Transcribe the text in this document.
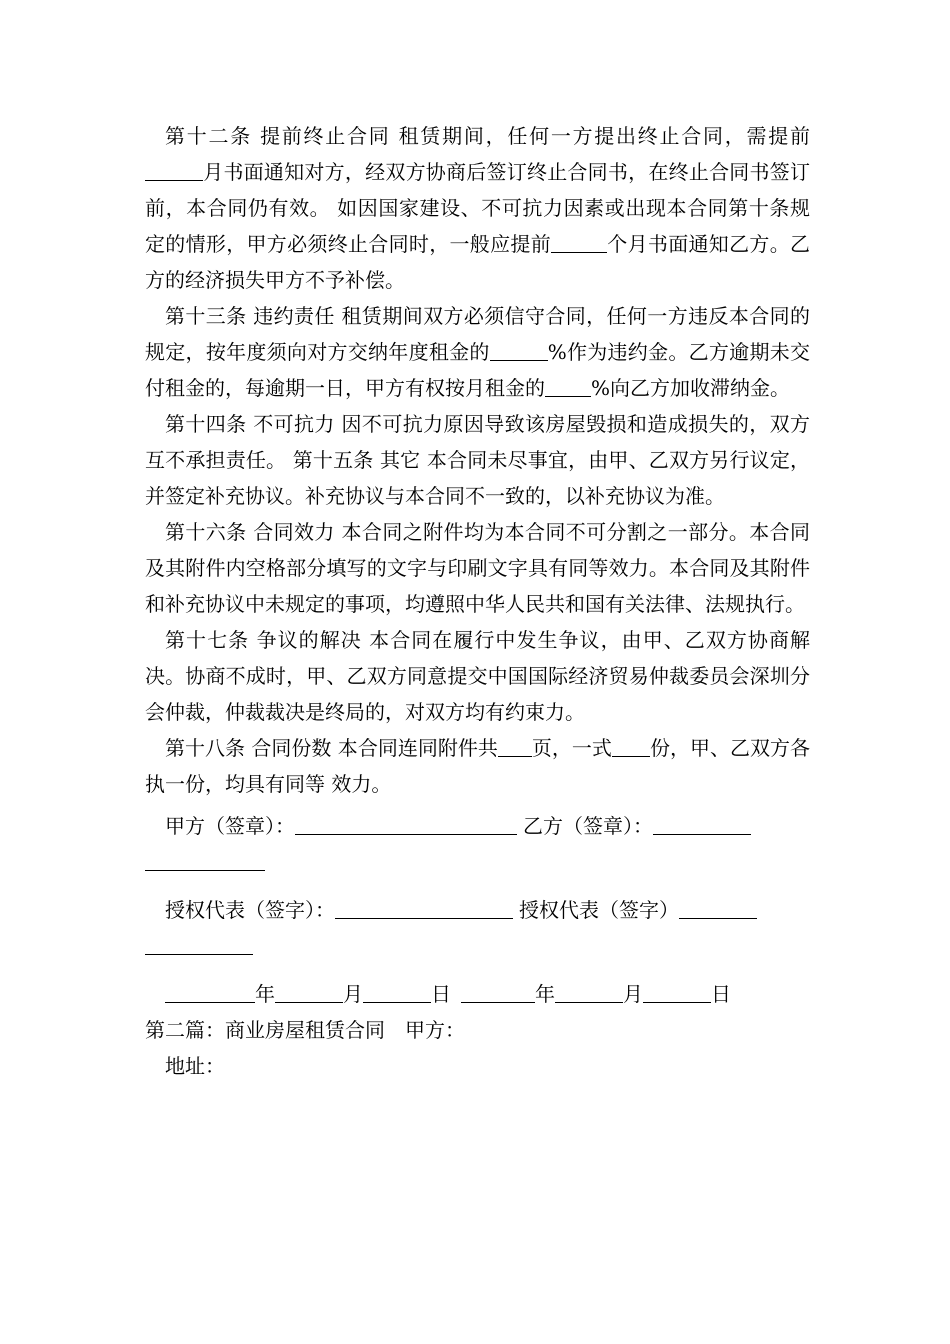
第十二条 提前终止合同 租赁期间，任何一方提出终止合同，需提前月书面通知对方，经双方协商后签订终止合同书，在终止合同书签订前，本合同仍有效。 如因国家建设、不可抗力因素或出现本合同第十条规定的情形，甲方必须终止合同时，一般应提前	个月书面通知乙方。乙方的经济损失甲方不予补偿。

第十三条 违约责任 租赁期间双方必须信守合同，任何一方违反本合同的规定，按年度须向对方交纳年度租金的	%作为违约金。乙方逾期未交付租金的，每逾期一日，甲方有权按月租金的 %向乙方加收滞纳金。

第十四条 不可抗力 因不可抗力原因导致该房屋毁损和造成损失的，双方互不承担责任。 第十五条 其它 本合同未尽事宜，由甲、乙双方另行议定，并签定补充协议。补充协议与本合同不一致的，以补充协议为准。

第十六条 合同效力 本合同之附件均为本合同不可分割之一部分。本合同及其附件内空格部分填写的文字与印刷文字具有同等效力。本合同及其附件和补充协议中未规定的事项，均遵照中华人民共和国有关法律、法规执行。

第十七条 争议的解决 本合同在履行中发生争议，由甲、乙双方协商解决。协商不成时，甲、乙双方同意提交中国国际经济贸易仲裁委员会深圳分会仲裁，仲裁裁决是终局的，对双方均有约束力。

第十八条 合同份数 本合同连同附件共 页，一式 份，甲、乙双方各执一份，均具有同等 效力。

甲方（签章）：	乙方（签章）：

授权代表（签字）：	授权代表（签字）

年	月	日	年	月	日

第二篇：商业房屋租赁合同　甲方：

地址：
